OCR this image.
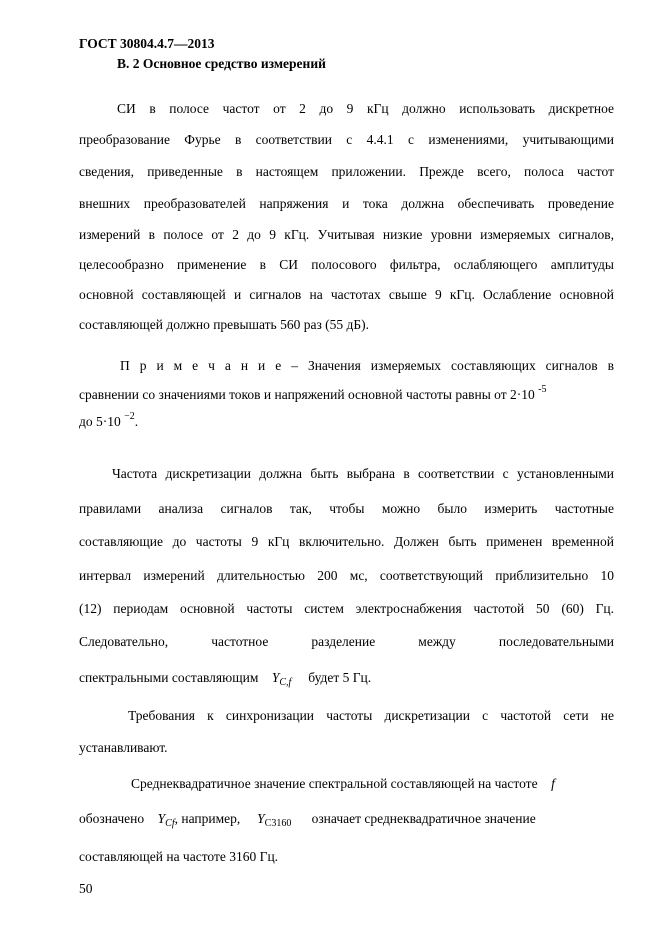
ГОСТ 30804.4.7—2013
В. 2 Основное средство измерений
СИ в полосе частот от 2 до 9 кГц должно использовать дискретное
преобразование Фурье в соответствии с 4.4.1 с изменениями, учитывающими
сведения, приведенные в настоящем приложении. Прежде всего, полоса частот
внешних преобразователей напряжения и тока должна обеспечивать проведение
измерений в полосе от 2 до 9 кГц. Учитывая низкие уровни измеряемых сигналов,
целесообразно применение в СИ полосового фильтра, ослабляющего амплитуды
основной составляющей и сигналов на частотах свыше 9 кГц. Ослабление основной
составляющей должно превышать 560 раз (55 дБ).
П р и м е ч а н и е – Значения измеряемых составляющих сигналов в
сравнении со значениями токов и напряжений основной частоты равны от 2·10 $^{-5}$
до 5·10 $^{-2}$.
Частота дискретизации должна быть выбрана в соответствии с установленными
правилами анализа сигналов так, чтобы можно было измерить частотные
составляющие до частоты 9 кГц включительно. Должен быть применен временной
интервал измерений длительностью 200 мс, соответствующий приблизительно 10
(12) периодам основной частоты систем электроснабжения частотой 50 (60) Гц.
Следовательно, частотное разделение между последовательными
спектральными составляющим $Y_{C,f}$ будет 5 Гц.
Требования к синхронизации частоты дискретизации с частотой сети не
устанавливают.
Среднеквадратичное значение спектральной составляющей на частоте f
обозначено $Y_{Cf}$, например, $Y_{C3160}$ означает среднеквадратичное значение
составляющей на частоте 3160 Гц.
50
